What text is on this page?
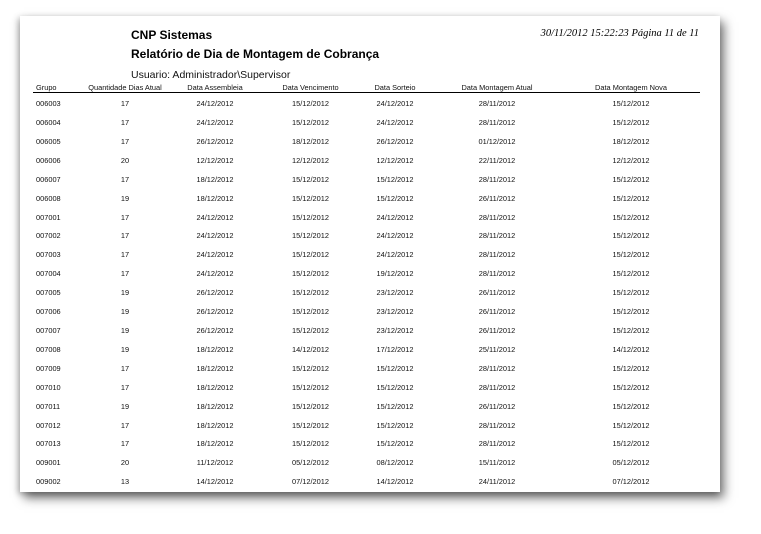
CNP Sistemas
Relatório de Dia de Montagem de Cobrança
Usuario: Administrador\Supervisor
30/11/2012 15:22:23 Página 11 de 11
Grupo	Quantidade Dias Atual	Data Assembleia	Data Vencimento	Data Sorteio	Data Montagem Atual	Data Montagem Nova
006003	17	24/12/2012	15/12/2012	24/12/2012	28/11/2012	15/12/2012
006004	17	24/12/2012	15/12/2012	24/12/2012	28/11/2012	15/12/2012
006005	17	26/12/2012	18/12/2012	26/12/2012	01/12/2012	18/12/2012
006006	20	12/12/2012	12/12/2012	12/12/2012	22/11/2012	12/12/2012
006007	17	18/12/2012	15/12/2012	15/12/2012	28/11/2012	15/12/2012
006008	19	18/12/2012	15/12/2012	15/12/2012	26/11/2012	15/12/2012
007001	17	24/12/2012	15/12/2012	24/12/2012	28/11/2012	15/12/2012
007002	17	24/12/2012	15/12/2012	24/12/2012	28/11/2012	15/12/2012
007003	17	24/12/2012	15/12/2012	24/12/2012	28/11/2012	15/12/2012
007004	17	24/12/2012	15/12/2012	19/12/2012	28/11/2012	15/12/2012
007005	19	26/12/2012	15/12/2012	23/12/2012	26/11/2012	15/12/2012
007006	19	26/12/2012	15/12/2012	23/12/2012	26/11/2012	15/12/2012
007007	19	26/12/2012	15/12/2012	23/12/2012	26/11/2012	15/12/2012
007008	19	18/12/2012	14/12/2012	17/12/2012	25/11/2012	14/12/2012
007009	17	18/12/2012	15/12/2012	15/12/2012	28/11/2012	15/12/2012
007010	17	18/12/2012	15/12/2012	15/12/2012	28/11/2012	15/12/2012
007011	19	18/12/2012	15/12/2012	15/12/2012	26/11/2012	15/12/2012
007012	17	18/12/2012	15/12/2012	15/12/2012	28/11/2012	15/12/2012
007013	17	18/12/2012	15/12/2012	15/12/2012	28/11/2012	15/12/2012
009001	20	11/12/2012	05/12/2012	08/12/2012	15/11/2012	05/12/2012
009002	13	14/12/2012	07/12/2012	14/12/2012	24/11/2012	07/12/2012
